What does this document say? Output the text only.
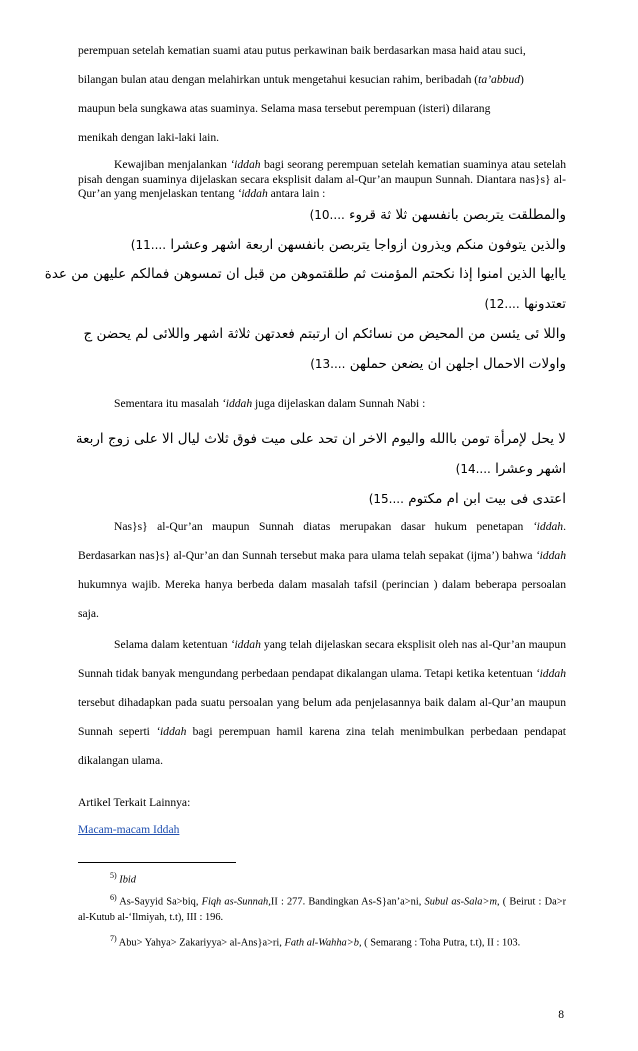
perempuan setelah kematian suami atau putus perkawinan baik berdasarkan masa haid atau suci,

bilangan bulan atau dengan melahirkan untuk mengetahui kesucian rahim, beribadah (ta’abbud)

maupun bela sungkawa atas suaminya. Selama masa tersebut perempuan (isteri) dilarang

menikah dengan laki-laki lain.

Kewajiban menjalankan ‘iddah bagi seorang perempuan setelah kematian suaminya atau setelah pisah dengan suaminya dijelaskan secara eksplisit dalam al-Qur’an maupun Sunnah. Diantara nas}s} al-Qur’an yang menjelaskan tentang ‘iddah antara lain :

والمطلقت يتربصن بانفسهن ثلا ثة قروء (10....

والذين يتوفون منكم ويذرون ازواجا يتربصن بانفسهن اربعة اشهر وعشرا (11....

ياايها الذين امنوا إذا نكحتم المؤمنت ثم طلقتموهن من قبل ان تمسوهن فمالكم عليهن من عدة

تعتدونها (12....

واللا ئى يئسن من المحيض من نسائكم ان ارتبتم فعدتهن ثلاثة اشهر واللائى لم يحضن ج

واولات الاحمال اجلهن ان يضعن حملهن (13....

Sementara itu masalah ‘iddah juga dijelaskan dalam Sunnah Nabi :

لا يحل لإمرأة تومن باالله واليوم الاخر ان تحد على ميت فوق ثلاث ليال الا على زوج اربعة

اشهر وعشرا (14....

اعتدى فى بيت ابن ام مكتوم (15....

Nas}s} al-Qur’an maupun Sunnah diatas merupakan dasar hukum penetapan ‘iddah. Berdasarkan nas}s} al-Qur’an dan Sunnah tersebut maka para ulama telah sepakat (ijma’) bahwa ‘iddah hukumnya wajib. Mereka hanya berbeda dalam masalah tafsil (perincian ) dalam beberapa persoalan saja.

Selama dalam ketentuan ‘iddah yang telah dijelaskan secara eksplisit oleh nas al-Qur’an maupun Sunnah tidak banyak mengundang perbedaan pendapat dikalangan ulama. Tetapi ketika ketentuan ‘iddah tersebut dihadapkan pada suatu persoalan yang belum ada penjelasannya baik dalam al-Qur’an maupun Sunnah seperti ‘iddah bagi perempuan hamil karena zina telah menimbulkan perbedaan pendapat dikalangan ulama.

Artikel Terkait Lainnya:

Macam-macam Iddah

$^{5)}$ Ibid

$^{6)}$ As-Sayyid Sa>biq, Fiqh as-Sunnah,II : 277. Bandingkan As-S}an’a>ni, Subul as-Sala>m, ( Beirut : Da>r al-Kutub al-‘Ilmiyah, t.t), III : 196.

$^{7)}$ Abu> Yahya> Zakariyya> al-Ans}a>ri, Fath al-Wahha>b, ( Semarang : Toha Putra, t.t), II : 103.

8
